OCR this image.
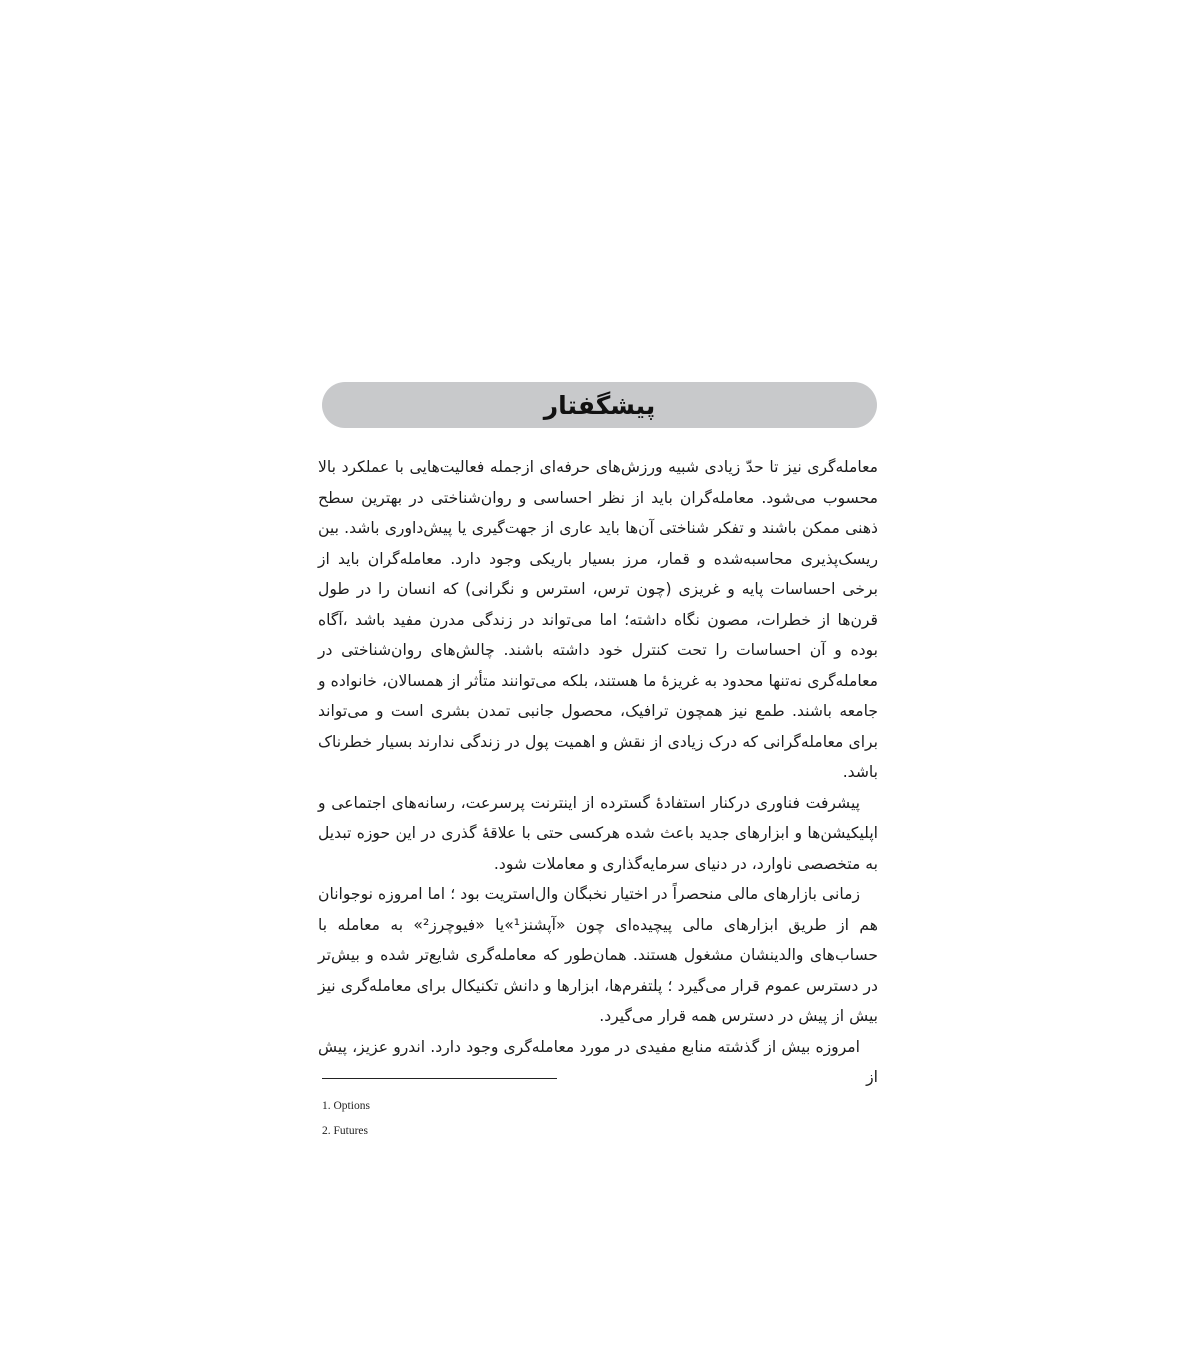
پیشگفتار

معامله‌گری نیز تا حدّ زیادی شبیه ورزش‌های حرفه‌ای ازجمله فعالیت‌هایی با عملکرد بالا محسوب می‌شود. معامله‌گران باید از نظر احساسی و روان‌شناختی در بهترین سطح ذهنی ممکن باشند و تفکر شناختی آن‌ها باید عاری از جهت‌گیری یا پیش‌داوری باشد. بین ریسک‌پذیری محاسبه‌شده و قمار، مرز بسیار باریکی وجود دارد. معامله‌گران باید از برخی احساسات پایه و غریزی (چون ترس، استرس و نگرانی) که انسان را در طول قرن‌ها از خطرات، مصون نگاه داشته؛ اما می‌تواند در زندگی مدرن مفید باشد ،آگاه بوده و آن احساسات را تحت کنترل خود داشته باشند. چالش‌های روان‌شناختی در معامله‌گری نه‌تنها محدود به غریزهٔ ما هستند، بلکه می‌توانند متأثر از همسالان، خانواده و جامعه باشند. طمع نیز همچون ترافیک، محصول جانبی تمدن بشری است و می‌تواند برای معامله‌گرانی که درک زیادی از نقش و اهمیت پول در زندگی ندارند بسیار خطرناک باشد.

پیشرفت فناوری درکنار استفادهٔ گسترده از اینترنت پرسرعت، رسانه‌های اجتماعی و اپلیکیشن‌ها و ابزارهای جدید باعث شده هرکسی حتی با علاقهٔ گذری در این حوزه تبدیل به متخصصی ناوارد، در دنیای سرمایه‌گذاری و معاملات شود.

زمانی بازارهای مالی منحصراً در اختیار نخبگان وال‌استریت بود ؛ اما امروزه نوجوانان هم از طریق ابزارهای مالی پیچیده‌ای چون «آپشنز¹»یا «فیوچرز²» به معامله با حساب‌های والدینشان مشغول هستند. همان‌طور که معامله‌گری شایع‌تر شده و بیش‌تر در دسترس عموم قرار می‌گیرد ؛ پلتفرم‌ها، ابزارها و دانش تکنیکال برای معامله‌گری نیز بیش از پیش در دسترس همه قرار می‌گیرد.

امروزه بیش از گذشته منابع مفیدی در مورد معامله‌گری وجود دارد. اندرو عزیز، پیش از

1. Options
2. Futures
